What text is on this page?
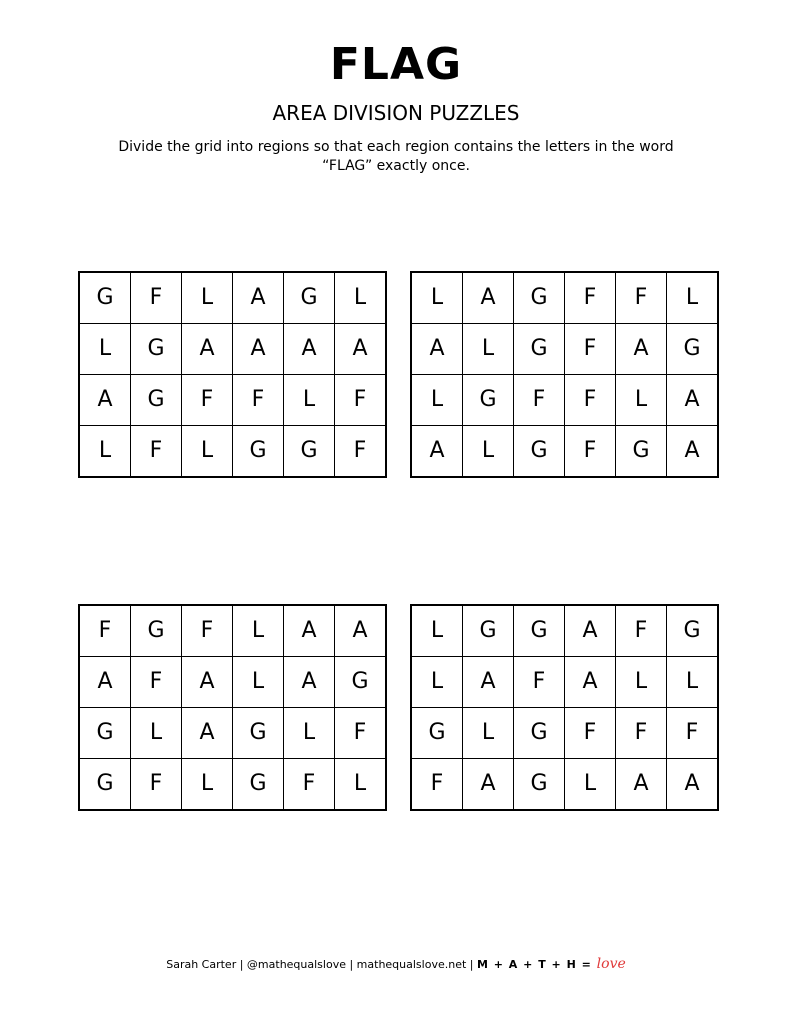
FLAG
AREA DIVISION PUZZLES
Divide the grid into regions so that each region contains the letters in the word “FLAG” exactly once.
G	F	L	A	G	L
L	G	A	A	A	A
A	G	F	F	L	F
L	F	L	G	G	F
L	A	G	F	F	L
A	L	G	F	A	G
L	G	F	F	L	A
A	L	G	F	G	A
F	G	F	L	A	A
A	F	A	L	A	G
G	L	A	G	L	F
G	F	L	G	F	L
L	G	G	A	F	G
L	A	F	A	L	L
G	L	G	F	F	F
F	A	G	L	A	A
Sarah Carter | @mathequalslove | mathequalslove.net | M + A + T + H = love
